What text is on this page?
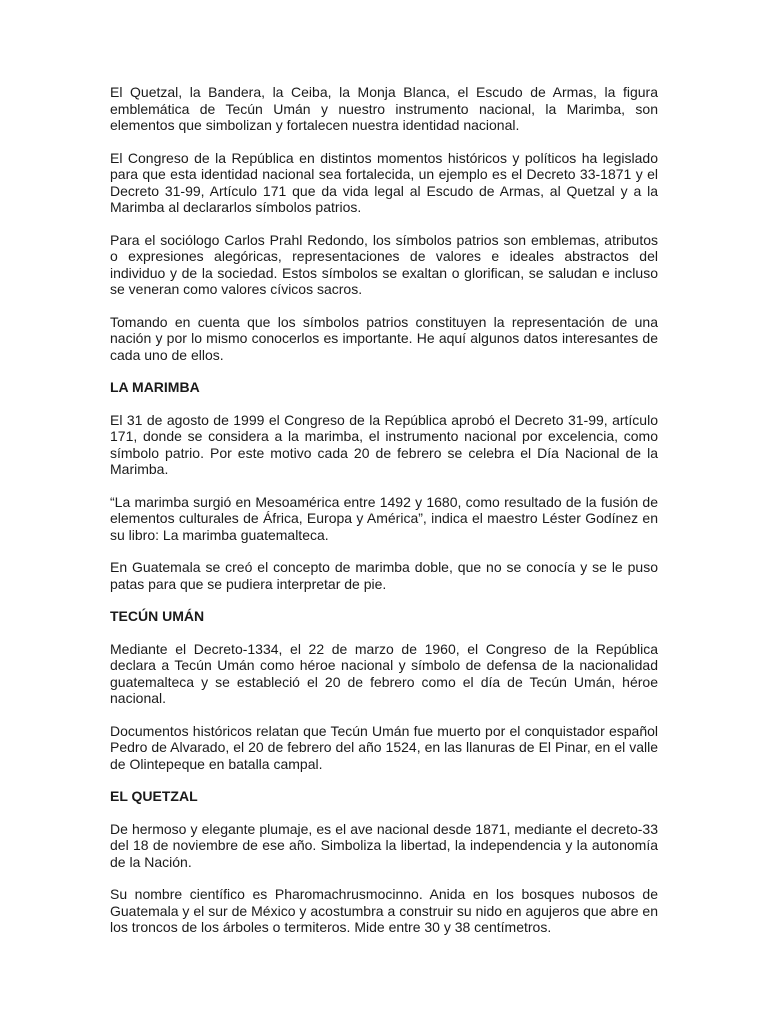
El Quetzal, la Bandera, la Ceiba, la Monja Blanca, el Escudo de Armas, la figura emblemática de Tecún Umán y nuestro instrumento nacional, la Marimba, son elementos que simbolizan y fortalecen nuestra identidad nacional.

El Congreso de la República en distintos momentos históricos y políticos ha legislado para que esta identidad nacional sea fortalecida, un ejemplo es el Decreto 33-1871 y el Decreto 31-99, Artículo 171 que da vida legal al Escudo de Armas, al Quetzal y a la Marimba al declararlos símbolos patrios.

Para el sociólogo Carlos Prahl Redondo, los símbolos patrios son emblemas, atributos o expresiones alegóricas, representaciones de valores e ideales abstractos del individuo y de la sociedad. Estos símbolos se exaltan o glorifican, se saludan e incluso se veneran como valores cívicos sacros.

Tomando en cuenta que los símbolos patrios constituyen la representación de una nación y por lo mismo conocerlos es importante. He aquí algunos datos interesantes de cada uno de ellos.

LA MARIMBA

El 31 de agosto de 1999 el Congreso de la República aprobó el Decreto 31-99, artículo 171, donde se considera a la marimba, el instrumento nacional por excelencia, como símbolo patrio. Por este motivo cada 20 de febrero se celebra el Día Nacional de la Marimba.

“La marimba surgió en Mesoamérica entre 1492 y 1680, como resultado de la fusión de elementos culturales de África, Europa y América”, indica el maestro Léster Godínez en su libro: La marimba guatemalteca.

En Guatemala se creó el concepto de marimba doble, que no se conocía y se le puso patas para que se pudiera interpretar de pie.

TECÚN UMÁN

Mediante el Decreto-1334, el 22 de marzo de 1960, el Congreso de la República declara a Tecún Umán como héroe nacional y símbolo de defensa de la nacionalidad guatemalteca y se estableció el 20 de febrero como el día de Tecún Umán, héroe nacional.

Documentos históricos relatan que Tecún Umán fue muerto por el conquistador español Pedro de Alvarado, el 20 de febrero del año 1524, en las llanuras de El Pinar, en el valle de Olintepeque en batalla campal.

EL QUETZAL

De hermoso y elegante plumaje, es el ave nacional desde 1871, mediante el decreto-33 del 18 de noviembre de ese año. Simboliza la libertad, la independencia y la autonomía de la Nación.

Su nombre científico es Pharomachrusmocinno. Anida en los bosques nubosos de Guatemala y el sur de México y acostumbra a construir su nido en agujeros que abre en los troncos de los árboles o termiteros. Mide entre 30 y 38 centímetros.
